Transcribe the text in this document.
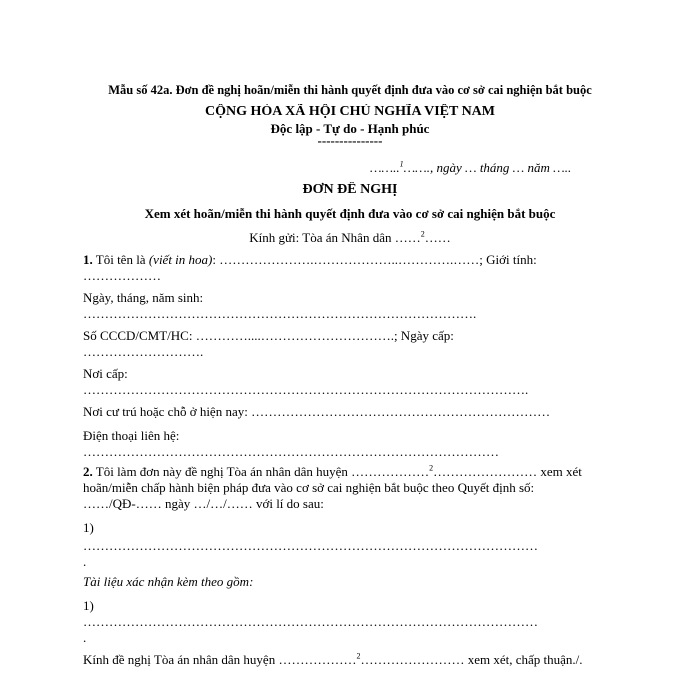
Mẫu số 42a. Đơn đề nghị hoãn/miễn thi hành quyết định đưa vào cơ sở cai nghiện bắt buộc
CỘNG HÒA XÃ HỘI CHỦ NGHĨA VIỆT NAM
Độc lập - Tự do - Hạnh phúc
---------------
……..$^1$……., ngày … tháng … năm …..
ĐƠN ĐỀ NGHỊ
Xem xét hoãn/miễn thi hành quyết định đưa vào cơ sở cai nghiện bắt buộc
Kính gửi: Tòa án Nhân dân ……$^2$……
1. Tôi tên là (viết in hoa): ………………….………………..………….……; Giới tính:
………………
Ngày, tháng, năm sinh:
……………………………………………………………………………….
Số CCCD/CMT/HC: …………....………………………….; Ngày cấp:
……………………….
Nơi cấp:
………………………………………………………………………………………….
Nơi cư trú hoặc chỗ ở hiện nay: ……………………………………………………………
Điện thoại liên hệ:
……………………………………………………………………………………
2. Tôi làm đơn này đề nghị Tòa án nhân dân huyện ………………$^2$…………………… xem xét
hoãn/miễn chấp hành biện pháp đưa vào cơ sở cai nghiện bắt buộc theo Quyết định số:
……/QĐ-…… ngày …/…/…… với lí do sau:
1)
……………………………………………………………………………………………
.
Tài liệu xác nhận kèm theo gồm:
1)
……………………………………………………………………………………………
.
Kính đề nghị Tòa án nhân dân huyện ………………$^2$…………………… xem xét, chấp thuận./.
